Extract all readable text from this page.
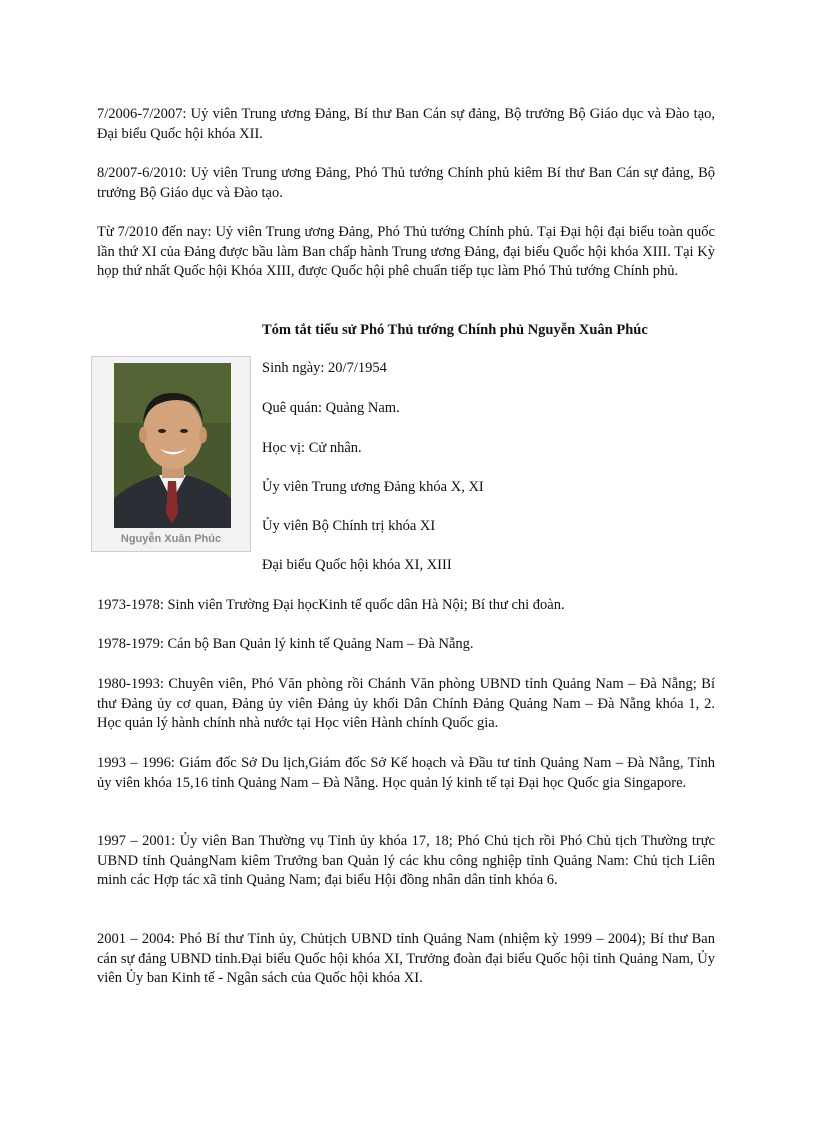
7/2006-7/2007: Uỷ viên Trung ương Đảng, Bí thư Ban Cán sự đảng, Bộ trưởng Bộ Giáo dục và Đào tạo, Đại biểu Quốc hội khóa XII.

8/2007-6/2010: Uỷ viên Trung ương Đảng, Phó Thủ tướng Chính phủ kiêm Bí thư Ban Cán sự đảng, Bộ trưởng Bộ Giáo dục và Đào tạo.

Từ 7/2010 đến nay: Uỷ viên Trung ương Đảng, Phó Thủ tướng Chính phủ. Tại Đại hội đại biểu toàn quốc lần thứ XI của Đảng được bầu làm Ban chấp hành Trung ương Đảng, đại biểu Quốc hội khóa XIII. Tại Kỳ họp thứ nhất Quốc hội Khóa XIII, được Quốc hội phê chuẩn tiếp tục làm Phó Thủ tướng Chính phủ.

Tóm tắt tiểu sử Phó Thủ tướng Chính phủ Nguyễn Xuân Phúc

Nguyễn Xuân Phúc

Sinh ngày: 20/7/1954

Quê quán: Quảng Nam.

Học vị: Cử nhân.

Ủy viên Trung ương Đảng khóa X, XI

Ủy viên Bộ Chính trị khóa XI

Đại biểu Quốc hội khóa XI, XIII

1973-1978: Sinh viên Trường Đại họcKinh tế quốc dân Hà Nội; Bí thư chi đoàn.

1978-1979: Cán bộ Ban Quản lý kinh tế Quảng Nam – Đà Nẵng.

1980-1993: Chuyên viên, Phó Văn phòng rồi Chánh Văn phòng UBND tỉnh Quảng Nam – Đà Nẵng; Bí thư Đảng ủy cơ quan, Đảng ủy viên Đảng ủy khối Dân Chính Đảng Quảng Nam – Đà Nẵng khóa 1, 2. Học quản lý hành chính nhà nước tại Học viên Hành chính Quốc gia.

1993 – 1996: Giám đốc Sở Du lịch,Giám đốc Sở Kế hoạch và Đầu tư tỉnh Quảng Nam – Đà Nẵng, Tỉnh ủy viên khóa 15,16 tỉnh Quảng Nam – Đà Nẵng. Học quản lý kinh tế tại Đại học Quốc gia Singapore.

1997 – 2001: Ủy viên Ban Thường vụ Tỉnh ủy khóa 17, 18; Phó Chủ tịch rồi Phó Chủ tịch Thường trực UBND tỉnh QuảngNam kiêm Trưởng ban Quản lý các khu công nghiệp tỉnh Quảng Nam: Chủ tịch Liên minh các Hợp tác xã tỉnh Quảng Nam; đại biểu Hội đồng nhân dân tỉnh khóa 6.

2001 – 2004: Phó Bí thư Tỉnh ủy, Chủtịch UBND tỉnh Quảng Nam (nhiệm kỳ 1999 – 2004); Bí thư Ban cán sự đảng UBND tỉnh.Đại biểu Quốc hội khóa XI, Trưởng đoàn đại biểu Quốc hội tỉnh Quảng Nam, Ủy viên Ủy ban Kinh tế - Ngân sách của Quốc hội khóa XI.
